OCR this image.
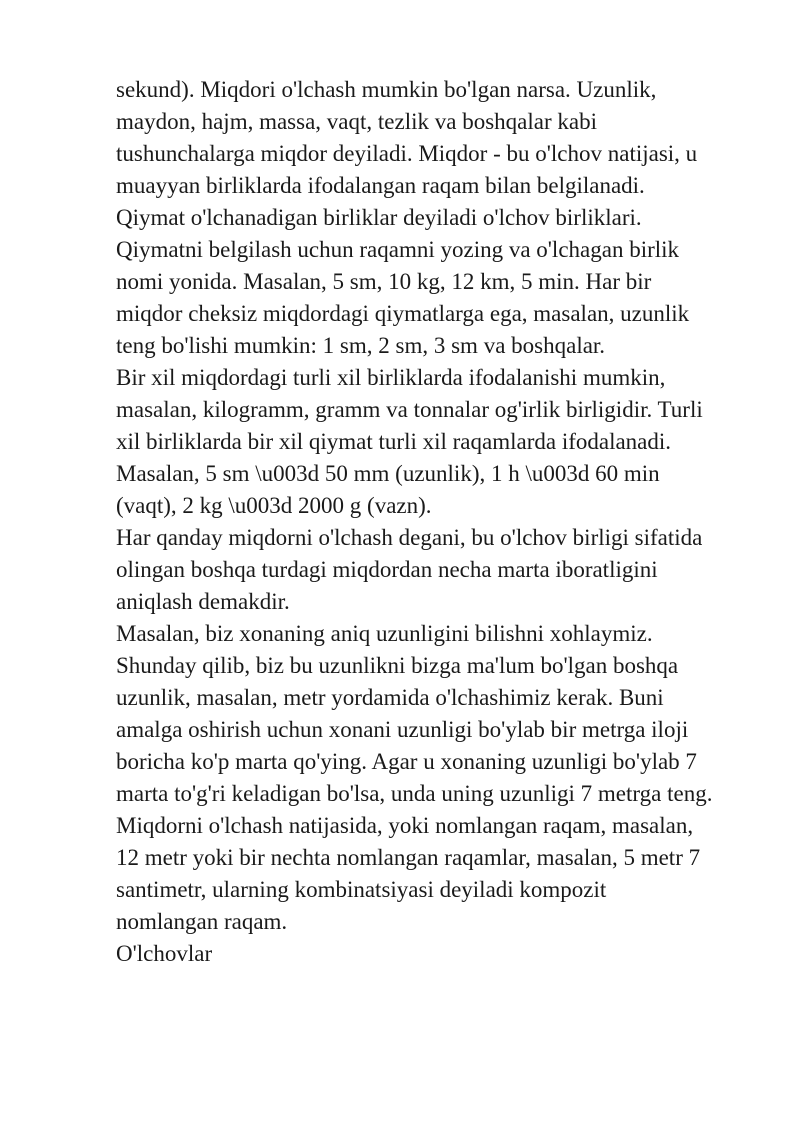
sekund). Miqdori o'lchash mumkin bo'lgan narsa. Uzunlik,
maydon, hajm, massa, vaqt, tezlik va boshqalar kabi
tushunchalarga miqdor deyiladi. Miqdor - bu o'lchov natijasi, u
muayyan birliklarda ifodalangan raqam bilan belgilanadi.
Qiymat o'lchanadigan birliklar deyiladi o'lchov birliklari.
Qiymatni belgilash uchun raqamni yozing va o'lchagan birlik
nomi yonida. Masalan, 5 sm, 10 kg, 12 km, 5 min. Har bir
miqdor cheksiz miqdordagi qiymatlarga ega, masalan, uzunlik
teng bo'lishi mumkin: 1 sm, 2 sm, 3 sm va boshqalar.
Bir xil miqdordagi turli xil birliklarda ifodalanishi mumkin,
masalan, kilogramm, gramm va tonnalar og'irlik birligidir. Turli
xil birliklarda bir xil qiymat turli xil raqamlarda ifodalanadi.
Masalan, 5 sm \u003d 50 mm (uzunlik), 1 h \u003d 60 min
(vaqt), 2 kg \u003d 2000 g (vazn).
Har qanday miqdorni o'lchash degani, bu o'lchov birligi sifatida
olingan boshqa turdagi miqdordan necha marta iboratligini
aniqlash demakdir.
Masalan, biz xonaning aniq uzunligini bilishni xohlaymiz.
Shunday qilib, biz bu uzunlikni bizga ma'lum bo'lgan boshqa
uzunlik, masalan, metr yordamida o'lchashimiz kerak. Buni
amalga oshirish uchun xonani uzunligi bo'ylab bir metrga iloji
boricha ko'p marta qo'ying. Agar u xonaning uzunligi bo'ylab 7
marta to'g'ri keladigan bo'lsa, unda uning uzunligi 7 metrga teng.
Miqdorni o'lchash natijasida, yoki nomlangan raqam, masalan,
12 metr yoki bir nechta nomlangan raqamlar, masalan, 5 metr 7
santimetr, ularning kombinatsiyasi deyiladi kompozit
nomlangan raqam.
O'lchovlar
